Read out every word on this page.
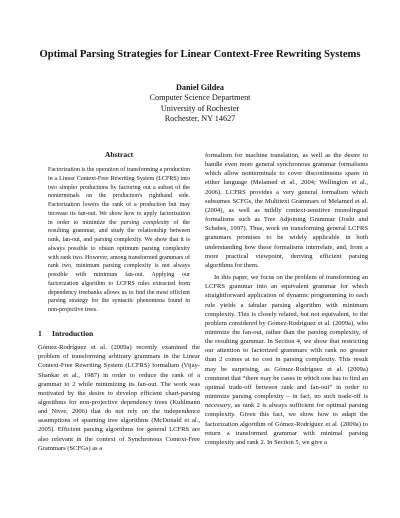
Optimal Parsing Strategies for Linear Context-Free Rewriting Systems
Daniel Gildea
Computer Science Department
University of Rochester
Rochester, NY 14627
Abstract

Factorization is the operation of transforming a production in a Linear Context-Free Rewriting System (LCFRS) into two simpler productions by factoring out a subset of the nonterminals on the production's righthand side. Factorization lowers the rank of a production but may increase its fan-out. We show how to apply factorization in order to minimize the parsing complexity of the resulting grammar, and study the relationship between rank, fan-out, and parsing complexity. We show that it is always possible to obtain optimum parsing complexity with rank two. However, among transformed grammars of rank two, minimum parsing complexity is not always possible with minimum fan-out. Applying our factorization algorithm to LCFRS rules extracted from dependency treebanks allows us to find the most efficient parsing strategy for the syntactic phenomena found in non-projective trees.

1 Introduction

Gómez-Rodríguez et al. (2009a) recently examined the problem of transforming arbitrary grammars in the Linear Context-Free Rewriting System (LCFRS) formalism (Vijay-Shankar et al., 1987) in order to reduce the rank of a grammar to 2 while minimizing its fan-out. The work was motivated by the desire to develop efficient chart-parsing algorithms for non-projective dependency trees (Kuhlmann and Nivre, 2006) that do not rely on the independence assumptions of spanning tree algorithms (McDonald et al., 2005). Efficient parsing algorithms for general LCFRS are also relevant in the context of Synchronous Context-Free Grammars (SCFGs) as a

formalism for machine translation, as well as the desire to handle even more general synchronous grammar formalisms which allow nonterminals to cover discontinuous spans in either language (Melamed et al., 2004; Wellington et al., 2006). LCFRS provides a very general formalism which subsumes SCFGs, the Multitext Grammars of Melamed et al. (2004), as well as mildly context-sensitive monolingual formalisms such as Tree Adjoining Grammar (Joshi and Schabes, 1997). Thus, work on transforming general LCFRS grammars promises to be widely applicable in both understanding how these formalisms interrelate, and, from a more practical viewpoint, deriving efficient parsing algorithms for them.

In this paper, we focus on the problem of transforming an LCFRS grammar into an equivalent grammar for which straightforward application of dynamic programming to each rule yields a tabular parsing algorithm with minimum complexity. This is closely related, but not equivalent, to the problem considered by Gómez-Rodríguez et al. (2009a), who minimize the fan-out, rather than the parsing complexity, of the resulting grammar. In Section 4, we show that restricting our attention to factorized grammars with rank no greater than 2 comes at no cost in parsing complexity. This result may be surprising, as Gómez-Rodríguez et al. (2009a) comment that “there may be cases in which one has to find an optimal trade-off between rank and fan-out” in order to minimize parsing complexity – in fact, no such trade-off is necessary, as rank 2 is always sufficient for optimal parsing complexity. Given this fact, we show how to adapt the factorization algorithm of Gómez-Rodríguez et al. (2009a) to return a transformed grammar with minimal parsing complexity and rank 2. In Section 5, we give a
